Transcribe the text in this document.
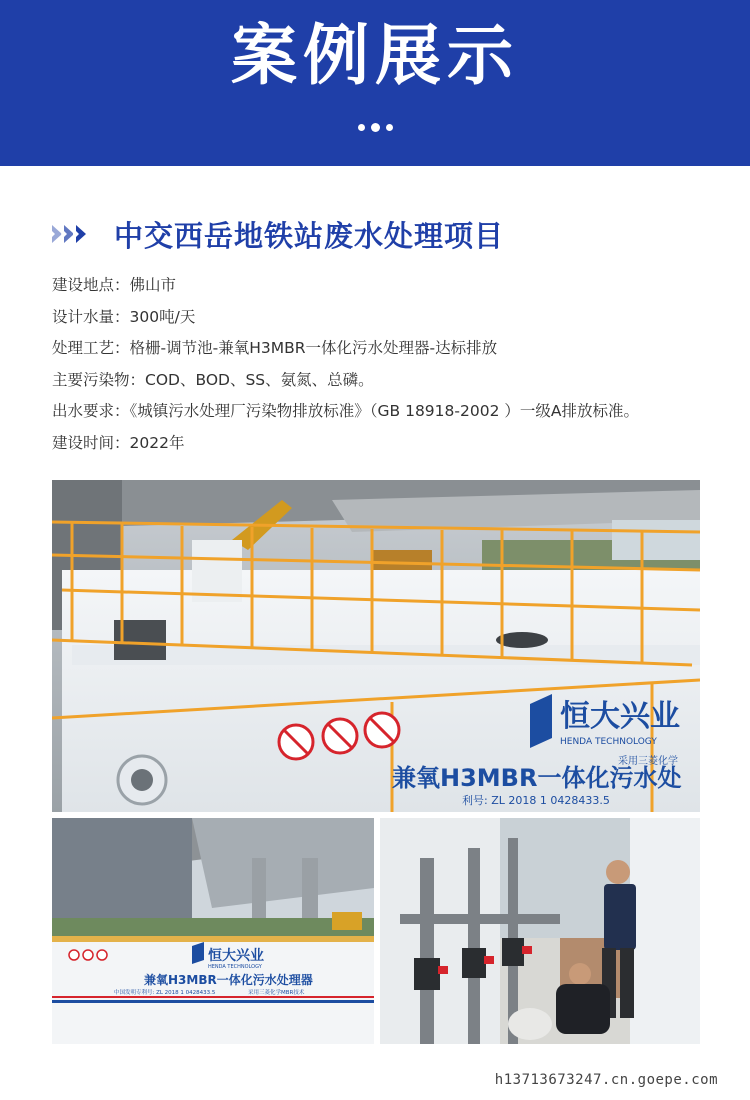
案例展示
中交西岳地铁站废水处理项目
建设地点：佛山市
设计水量：300吨/天
处理工艺：格栅-调节池-兼氧H3MBR一体化污水处理器-达标排放
主要污染物：COD、BOD、SS、氨氮、总磷。
出水要求：《城镇污水处理厂污染物排放标准》（GB 18918-2002 ）一级A排放标准。
建设时间：2022年
恒大兴业
HENDA TECHNOLOGY
兼氧H3MBR一体化污水处
利号: ZL 2018 1 0428433.5
采用三菱化学
恒大兴业
HENDA TECHNOLOGY
兼氧H3MBR一体化污水处理器
中国发明专利号: ZL 2018 1 0428433.5	采用三菱化学MBR技术
h13713673247.cn.goepe.com
